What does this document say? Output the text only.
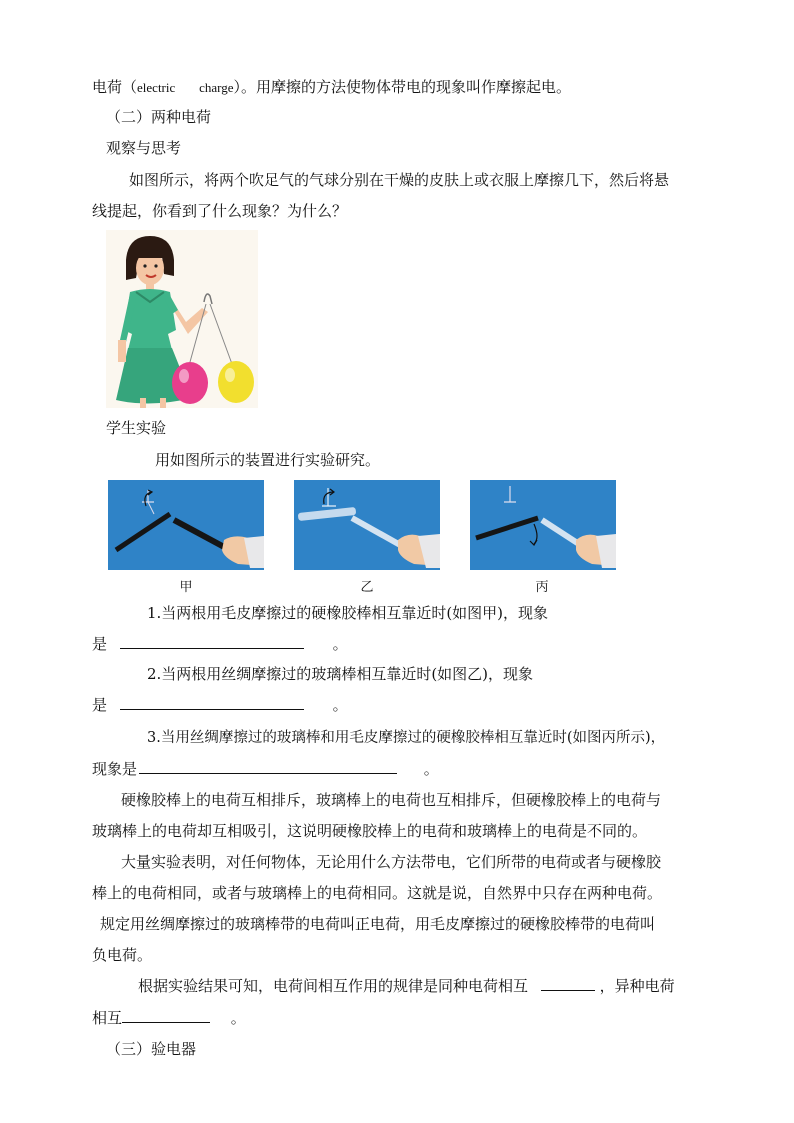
电荷（electric charge）。用摩擦的方法使物体带电的现象叫作摩擦起电。
（二）两种电荷
观察与思考
如图所示，将两个吹足气的气球分别在干燥的皮肤上或衣服上摩擦几下，然后将悬
线提起，你看到了什么现象？为什么？
学生实验
用如图所示的装置进行实验研究。
甲	乙	丙
1.当两根用毛皮摩擦过的硬橡胶棒相互靠近时(如图甲)，现象
是	。
2.当两根用丝绸摩擦过的玻璃棒相互靠近时(如图乙)，现象
是	。
3.当用丝绸摩擦过的玻璃棒和用毛皮摩擦过的硬橡胶棒相互靠近时(如图丙所示)，
现象是	。
硬橡胶棒上的电荷互相排斥，玻璃棒上的电荷也互相排斥，但硬橡胶棒上的电荷与
玻璃棒上的电荷却互相吸引，这说明硬橡胶棒上的电荷和玻璃棒上的电荷是不同的。
大量实验表明，对任何物体，无论用什么方法带电，它们所带的电荷或者与硬橡胶
棒上的电荷相同，或者与玻璃棒上的电荷相同。这就是说，自然界中只存在两种电荷。
规定用丝绸摩擦过的玻璃棒带的电荷叫正电荷，用毛皮摩擦过的硬橡胶棒带的电荷叫
负电荷。
根据实验结果可知，电荷间相互作用的规律是同种电荷相互	，异种电荷
相互	。
（三）验电器
